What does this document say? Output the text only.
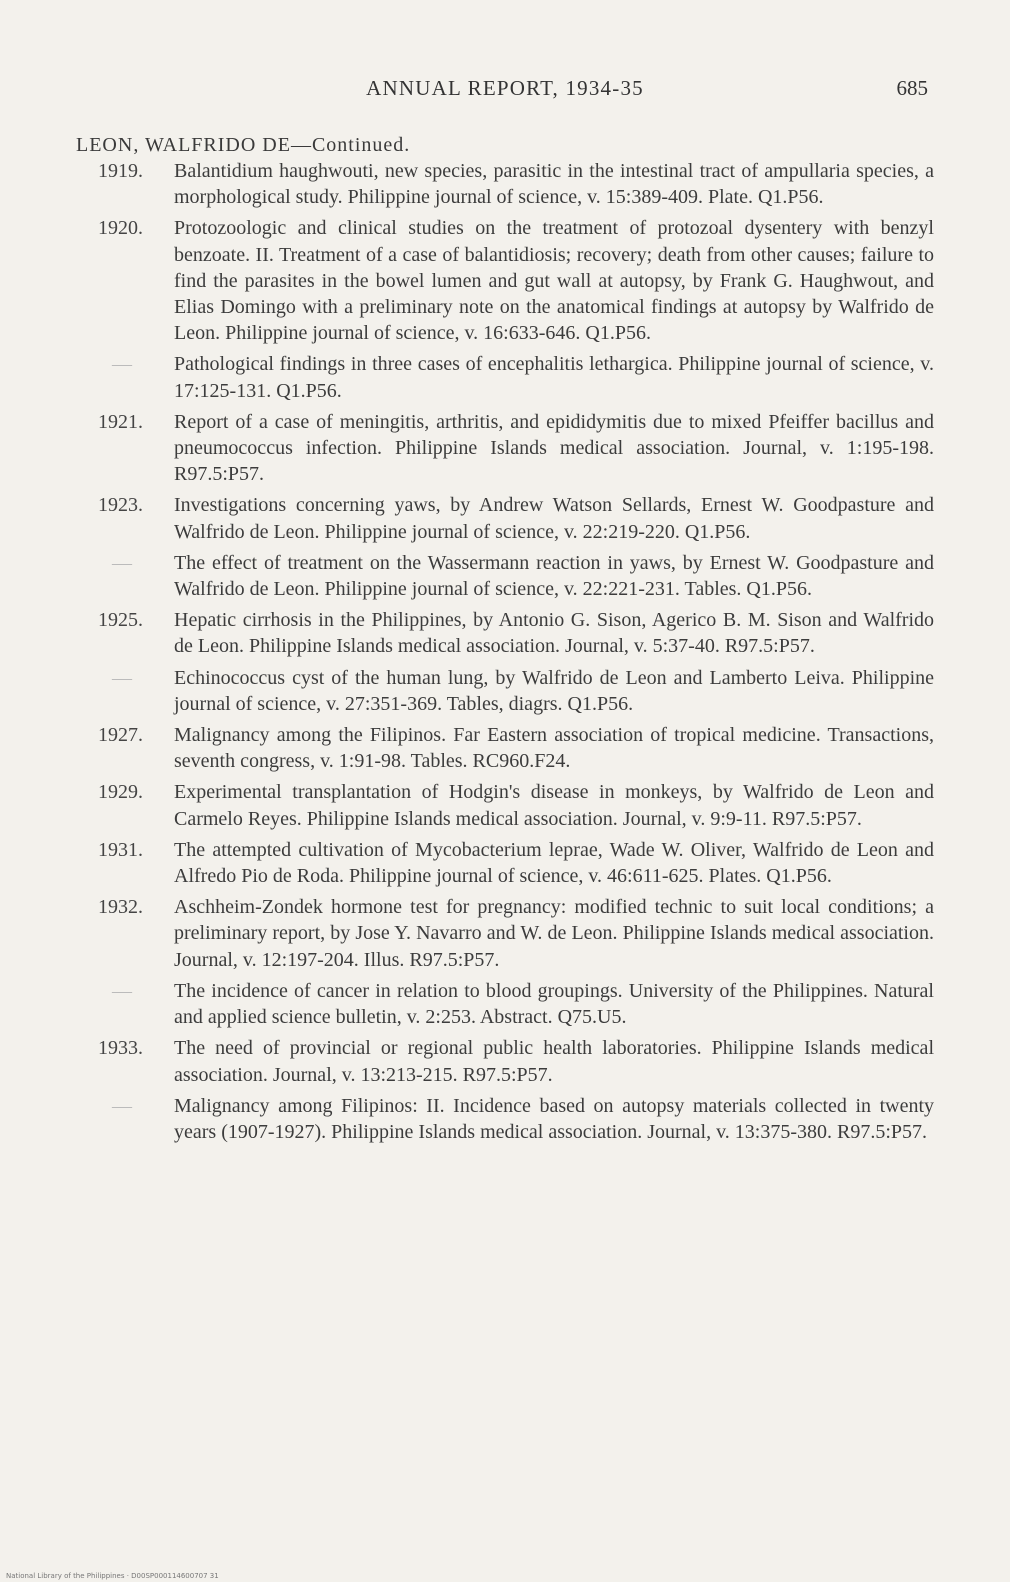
ANNUAL REPORT, 1934-35	685
LEON, WALFRIDO DE—Continued.
1919.	Balantidium haughwouti, new species, parasitic in the intestinal tract of ampullaria species, a morphological study. Philippine journal of science, v. 15:389-409. Plate. Q1.P56.
1920.	Protozoologic and clinical studies on the treatment of protozoal dysentery with benzyl benzoate. II. Treatment of a case of balantidiosis; recovery; death from other causes; failure to find the parasites in the bowel lumen and gut wall at autopsy, by Frank G. Haughwout, and Elias Domingo with a preliminary note on the anatomical findings at autopsy by Walfrido de Leon. Philippine journal of science, v. 16:633-646. Q1.P56.
—	Pathological findings in three cases of encephalitis lethargica. Philippine journal of science, v. 17:125-131. Q1.P56.
1921.	Report of a case of meningitis, arthritis, and epididymitis due to mixed Pfeiffer bacillus and pneumococcus infection. Philippine Islands medical association. Journal, v. 1:195-198. R97.5:P57.
1923.	Investigations concerning yaws, by Andrew Watson Sellards, Ernest W. Goodpasture and Walfrido de Leon. Philippine journal of science, v. 22:219-220. Q1.P56.
—	The effect of treatment on the Wassermann reaction in yaws, by Ernest W. Goodpasture and Walfrido de Leon. Philippine journal of science, v. 22:221-231. Tables. Q1.P56.
1925.	Hepatic cirrhosis in the Philippines, by Antonio G. Sison, Agerico B. M. Sison and Walfrido de Leon. Philippine Islands medical association. Journal, v. 5:37-40. R97.5:P57.
—	Echinococcus cyst of the human lung, by Walfrido de Leon and Lamberto Leiva. Philippine journal of science, v. 27:351-369. Tables, diagrs. Q1.P56.
1927.	Malignancy among the Filipinos. Far Eastern association of tropical medicine. Transactions, seventh congress, v. 1:91-98. Tables. RC960.F24.
1929.	Experimental transplantation of Hodgin's disease in monkeys, by Walfrido de Leon and Carmelo Reyes. Philippine Islands medical association. Journal, v. 9:9-11. R97.5:P57.
1931.	The attempted cultivation of Mycobacterium leprae, Wade W. Oliver, Walfrido de Leon and Alfredo Pio de Roda. Philippine journal of science, v. 46:611-625. Plates. Q1.P56.
1932.	Aschheim-Zondek hormone test for pregnancy: modified technic to suit local conditions; a preliminary report, by Jose Y. Navarro and W. de Leon. Philippine Islands medical association. Journal, v. 12:197-204. Illus. R97.5:P57.
—	The incidence of cancer in relation to blood groupings. University of the Philippines. Natural and applied science bulletin, v. 2:253. Abstract. Q75.U5.
1933.	The need of provincial or regional public health laboratories. Philippine Islands medical association. Journal, v. 13:213-215. R97.5:P57.
—	Malignancy among Filipinos: II. Incidence based on autopsy materials collected in twenty years (1907-1927). Philippine Islands medical association. Journal, v. 13:375-380. R97.5:P57.
National Library of the Philippines · D00SP000114600707 31
